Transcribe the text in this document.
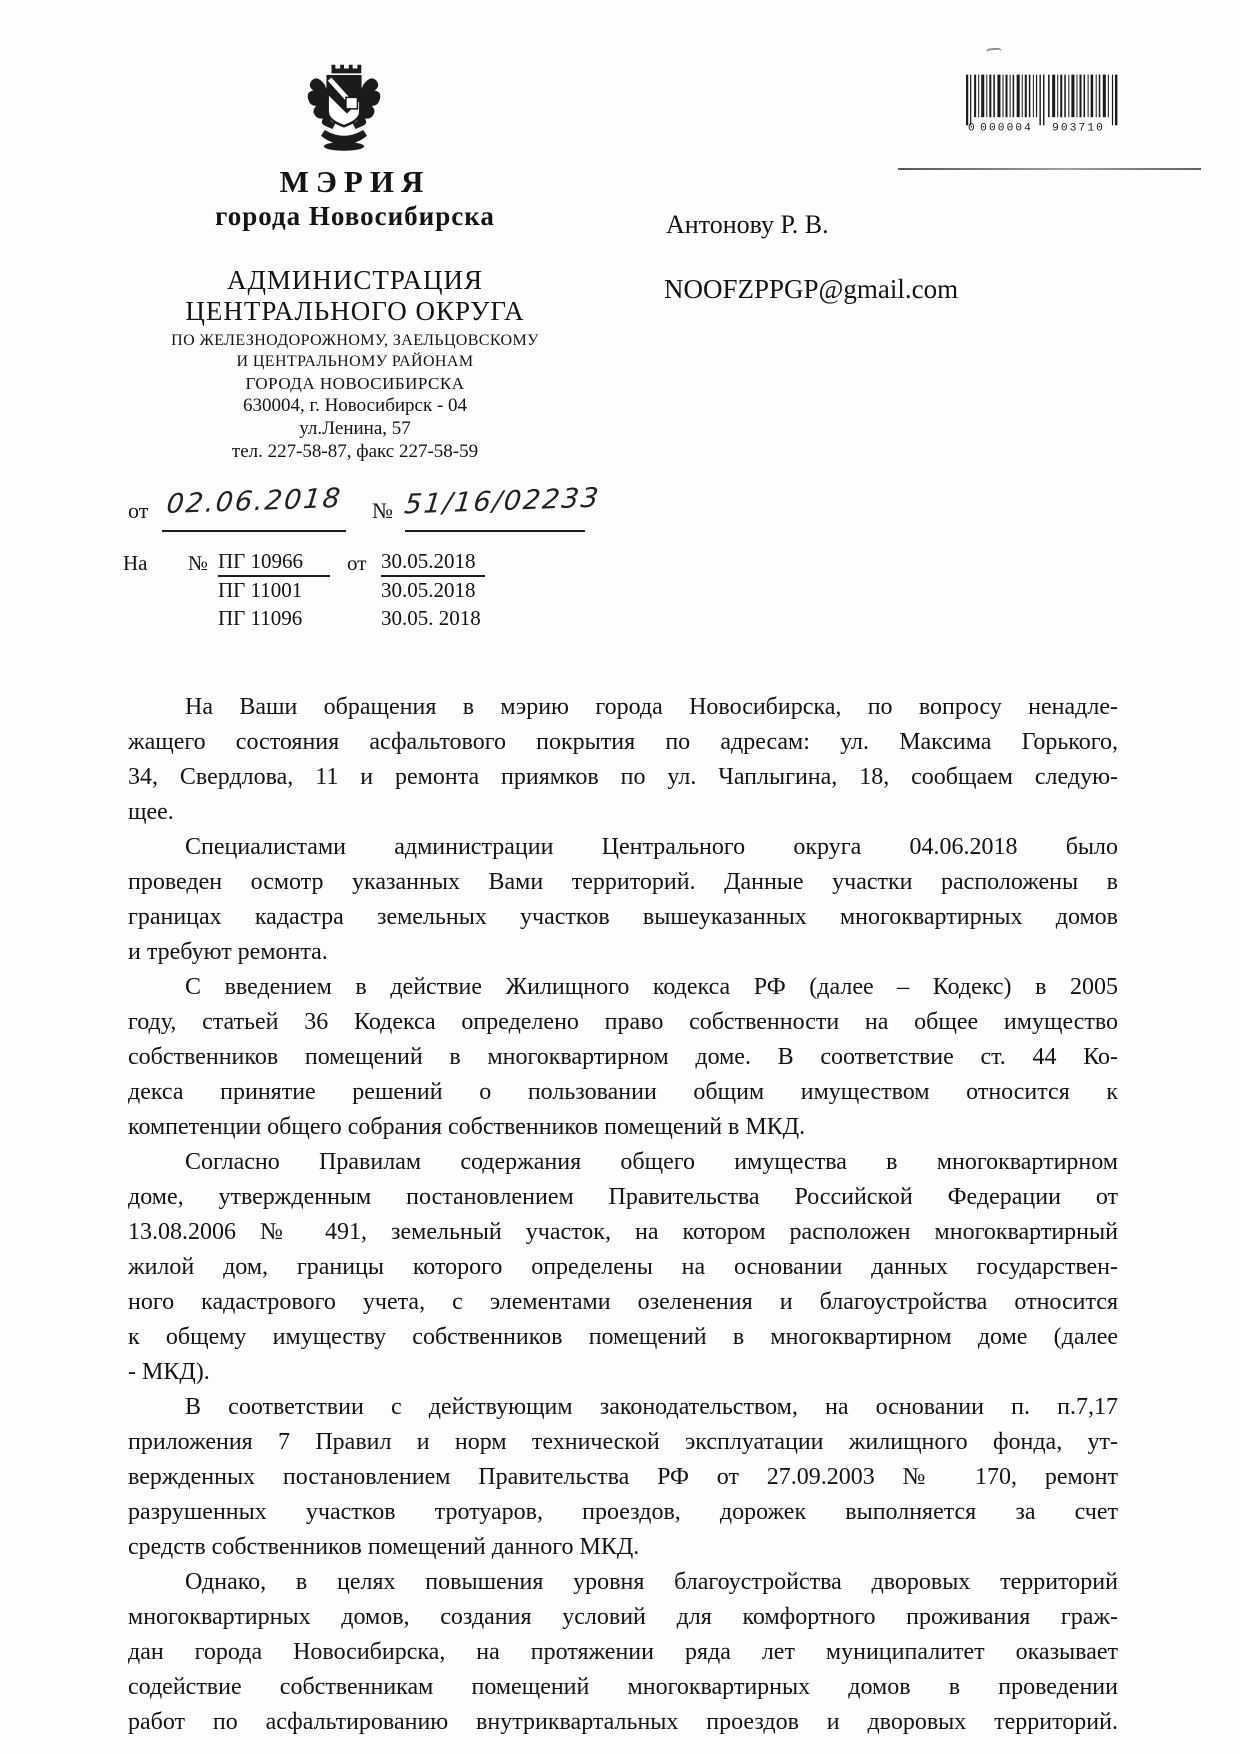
МЭРИЯ
города Новосибирска
АДМИНИСТРАЦИЯ
ЦЕНТРАЛЬНОГО ОКРУГА
ПО ЖЕЛЕЗНОДОРОЖНОМУ, ЗАЕЛЬЦОВСКОМУ
И ЦЕНТРАЛЬНОМУ РАЙОНАМ
ГОРОДА НОВОСИБИРСКА
630004, г. Новосибирск - 04
ул.Ленина, 57
тел. 227-58-87, факс 227-58-59
Антонову Р. В.
NOOFZPPGP@gmail.com
0 000004 903710
от 02.06.2018 № 51/16/02233
На № ПГ 10966	от 30.05.2018
ПГ 11001	30.05.2018
ПГ 11096	30.05. 2018
На Ваши обращения в мэрию города Новосибирска, по вопросу ненадле-
жащего состояния асфальтового покрытия по адресам: ул. Максима Горького,
34, Свердлова, 11 и ремонта приямков по ул. Чаплыгина, 18, сообщаем следую-
щее.
Специалистами администрации Центрального округа 04.06.2018 было
проведен осмотр указанных Вами территорий. Данные участки расположены в
границах кадастра земельных участков вышеуказанных многоквартирных домов
и требуют ремонта.
С введением в действие Жилищного кодекса РФ (далее – Кодекс) в 2005
году, статьей 36 Кодекса определено право собственности на общее имущество
собственников помещений в многоквартирном доме. В соответствие ст. 44 Ко-
декса принятие решений о пользовании общим имуществом относится к
компетенции общего собрания собственников помещений в МКД.
Согласно Правилам содержания общего имущества в многоквартирном
доме, утвержденным постановлением Правительства Российской Федерации от
13.08.2006 № 491, земельный участок, на котором расположен многоквартирный
жилой дом, границы которого определены на основании данных государствен-
ного кадастрового учета, с элементами озеленения и благоустройства относится
к общему имуществу собственников помещений в многоквартирном доме (далее
- МКД).
В соответствии с действующим законодательством, на основании п. п.7,17
приложения 7 Правил и норм технической эксплуатации жилищного фонда, ут-
вержденных постановлением Правительства РФ от 27.09.2003 № 170, ремонт
разрушенных участков тротуаров, проездов, дорожек выполняется за счет
средств собственников помещений данного МКД.
Однако, в целях повышения уровня благоустройства дворовых территорий
многоквартирных домов, создания условий для комфортного проживания граж-
дан города Новосибирска, на протяжении ряда лет муниципалитет оказывает
содействие собственникам помещений многоквартирных домов в проведении
работ по асфальтированию внутриквартальных проездов и дворовых территорий.
